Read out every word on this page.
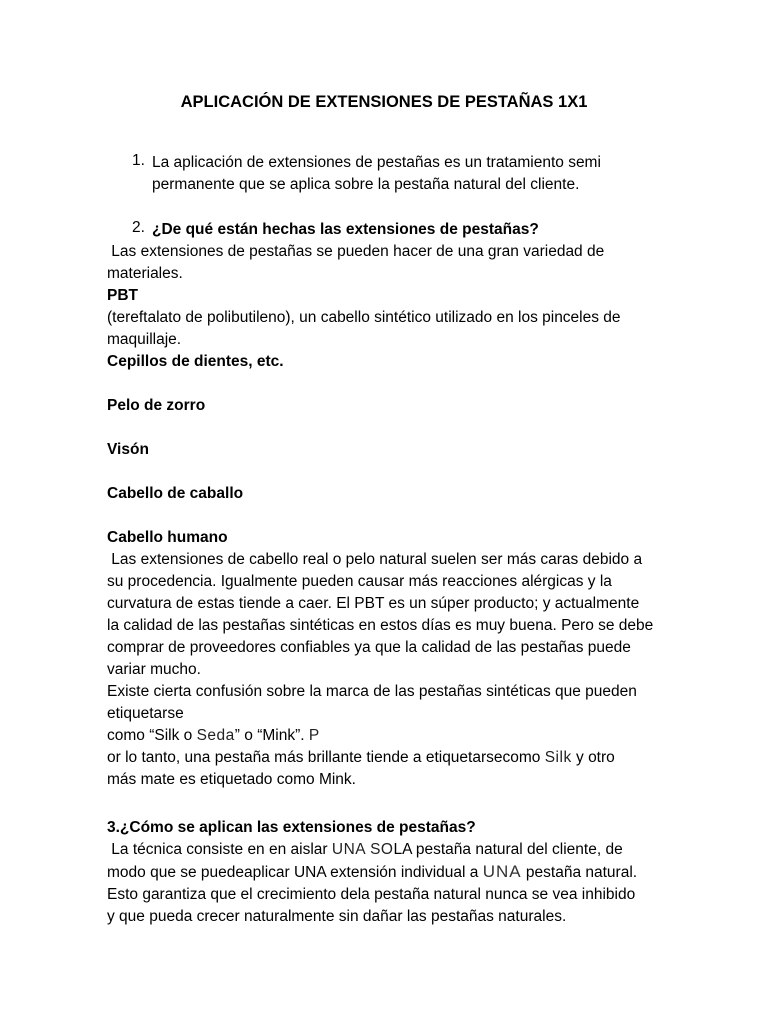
APLICACIÓN DE EXTENSIONES DE PESTAÑAS 1X1
1. La aplicación de extensiones de pestañas es un tratamiento semi
permanente que se aplica sobre la pestaña natural del cliente.
2. ¿De qué están hechas las extensiones de pestañas?
Las extensiones de pestañas se pueden hacer de una gran variedad de
materiales.
PBT
(tereftalato de polibutileno), un cabello sintético utilizado en los pinceles de
maquillaje.
Cepillos de dientes, etc.
Pelo de zorro
Visón
Cabello de caballo
Cabello humano
Las extensiones de cabello real o pelo natural suelen ser más caras debido a
su procedencia. Igualmente pueden causar más reacciones alérgicas y la
curvatura de estas tiende a caer. El PBT es un súper producto; y actualmente
la calidad de las pestañas sintéticas en estos días es muy buena. Pero se debe
comprar de proveedores confiables ya que la calidad de las pestañas puede
variar mucho.
Existe cierta confusión sobre la marca de las pestañas sintéticas que pueden
etiquetarse
como “Silk o Seda” o “Mink”. P
or lo tanto, una pestaña más brillante tiende a etiquetarsecomo Silk y otro
más mate es etiquetado como Mink.
3.¿Cómo se aplican las extensiones de pestañas?
La técnica consiste en en aislar UNA SOLA pestaña natural del cliente, de
modo que se puedeaplicar UNA extensión individual a UNA pestaña natural.
Esto garantiza que el crecimiento dela pestaña natural nunca se vea inhibido
y que pueda crecer naturalmente sin dañar las pestañas naturales.
